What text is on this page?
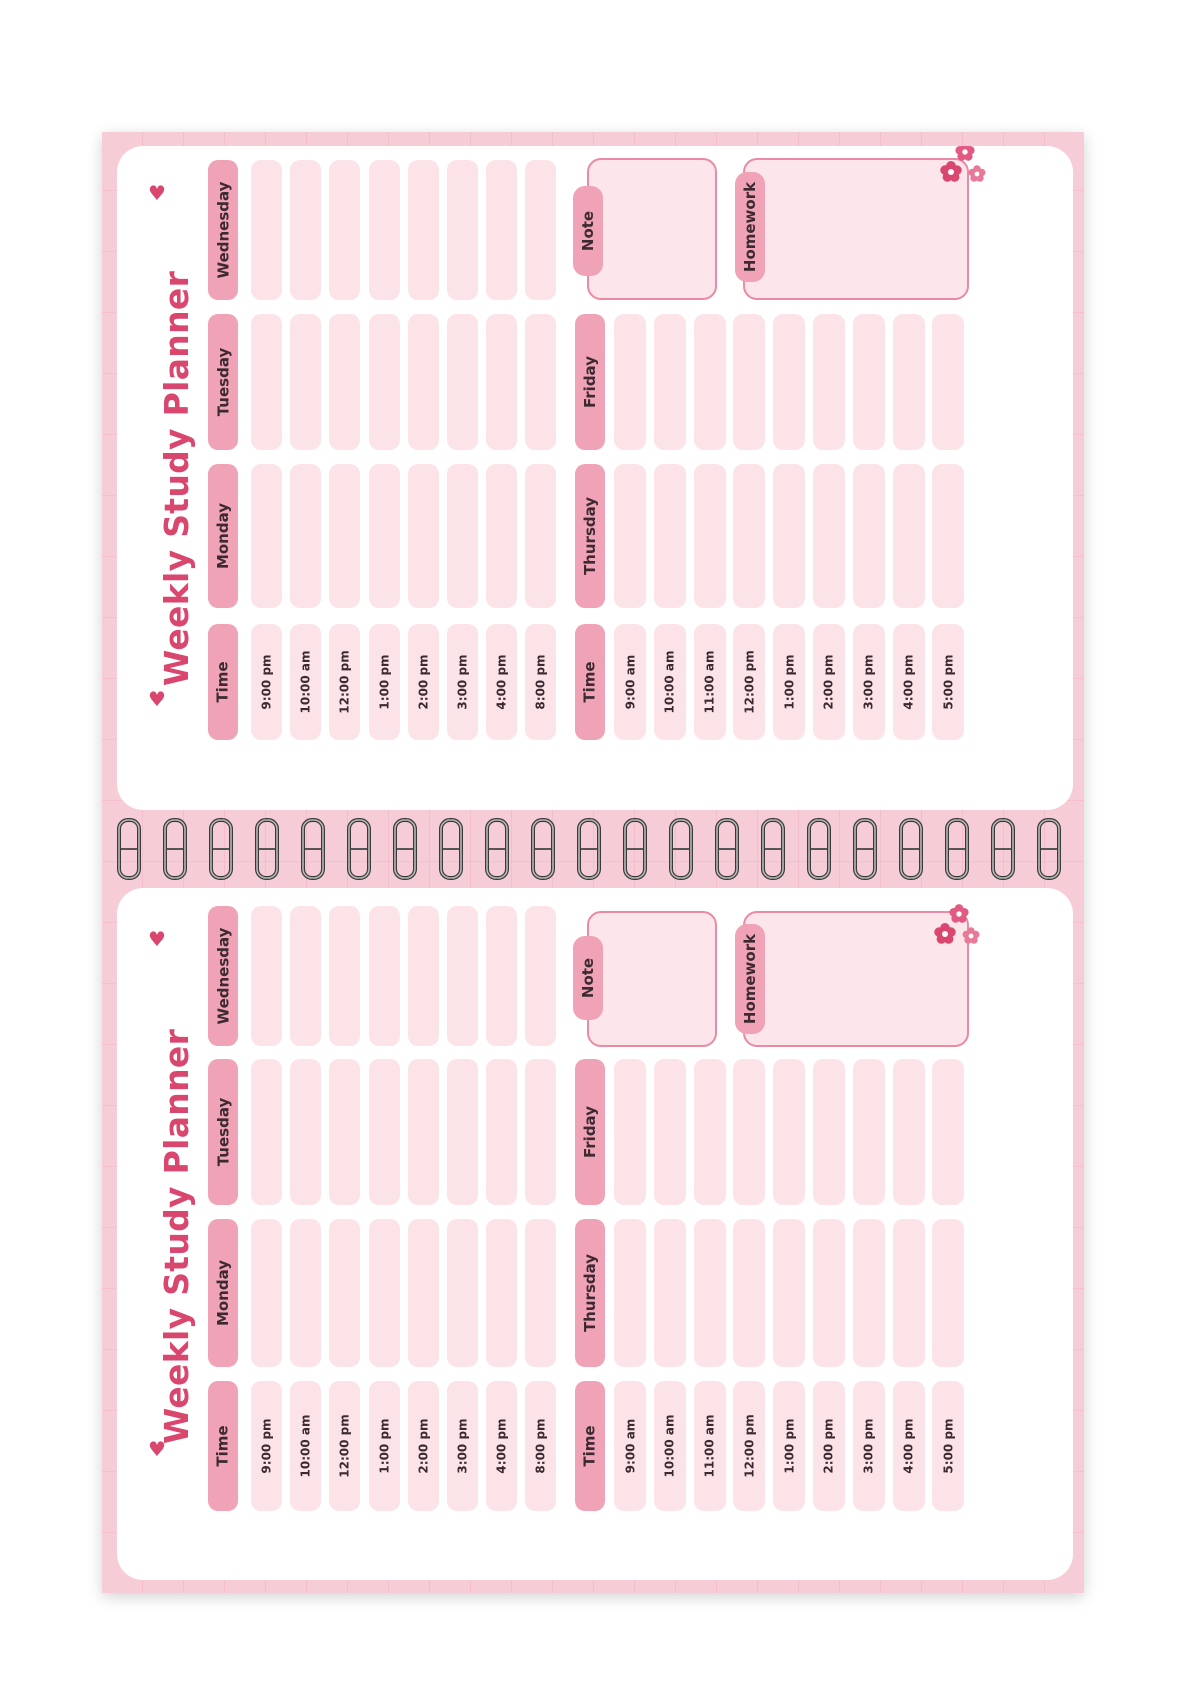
Weekly Study Planner
♥
♥	Time 9:00 pm 10:00 am 12:00 pm 1:00 pm 2:00 pm 3:00 pm 4:00 pm 8:00 pm
Monday
Tuesday
Wednesday
Time 9:00 am 10:00 am 11:00 am 12:00 pm 1:00 pm 2:00 pm 3:00 pm 4:00 pm 5:00 pm
Thursday
Friday
Note	Homework
Weekly Study Planner
♥
♥	Time 9:00 pm 10:00 am 12:00 pm 1:00 pm 2:00 pm 3:00 pm 4:00 pm 8:00 pm
Monday
Tuesday
Wednesday
Time 9:00 am 10:00 am 11:00 am 12:00 pm 1:00 pm 2:00 pm 3:00 pm 4:00 pm 5:00 pm
Thursday
Friday
Note	Homework
